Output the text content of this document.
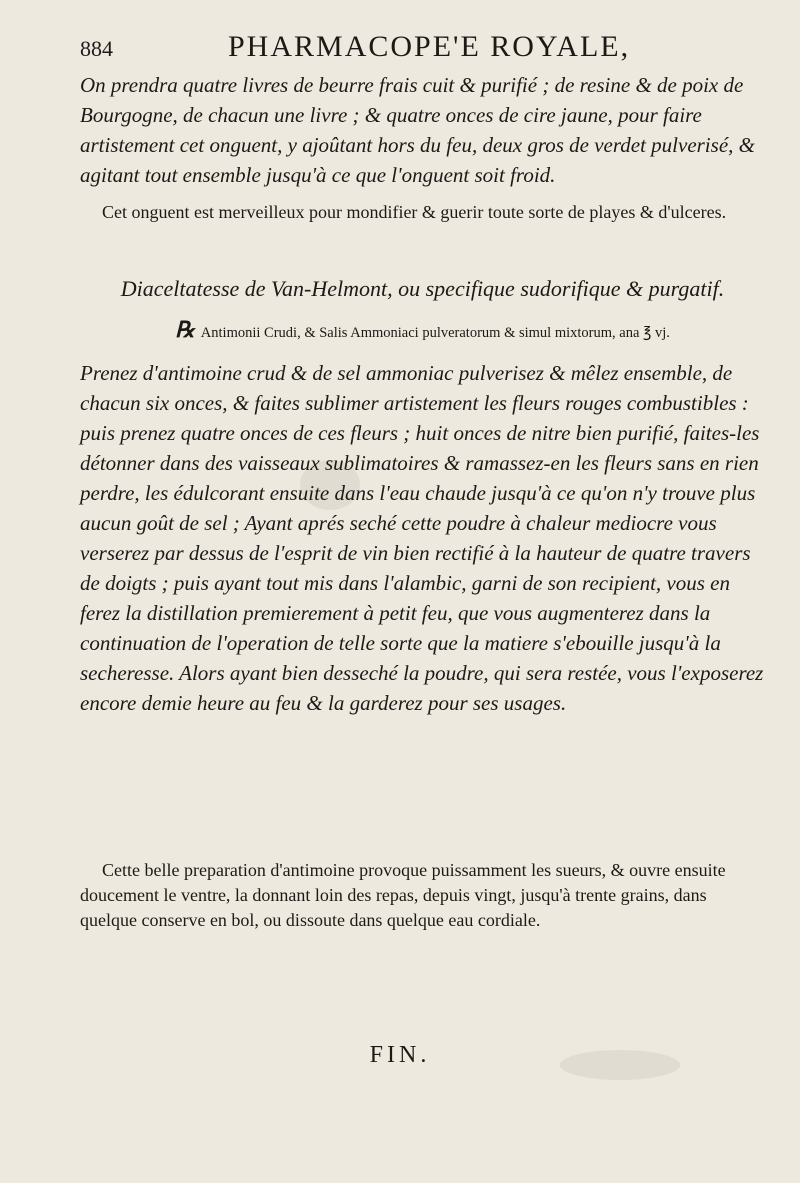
884	PHARMACOPE'E ROYALE,

On prendra quatre livres de beurre frais cuit & purifié ; de resine & de poix de Bourgogne, de chacun une livre ; & quatre onces de cire jaune, pour faire artistement cet onguent, y ajoûtant hors du feu, deux gros de verdet pulverisé, & agitant tout ensemble jusqu'à ce que l'onguent soit froid.

Cet onguent est merveilleux pour mondifier & guerir toute sorte de playes & d'ulceres.

Diaceltatesse de Van-Helmont, ou specifique sudorifique & purgatif.

℞ Antimonii Crudi, & Salis Ammoniaci pulveratorum & simul mixtorum, ana ℥ vj.

Prenez d'antimoine crud & de sel ammoniac pulverisez & mêlez ensemble, de chacun six onces, & faites sublimer artistement les fleurs rouges combustibles : puis prenez quatre onces de ces fleurs ; huit onces de nitre bien purifié, faites-les détonner dans des vaisseaux sublimatoires & ramassez-en les fleurs sans en rien perdre, les édulcorant ensuite dans l'eau chaude jusqu'à ce qu'on n'y trouve plus aucun goût de sel ; Ayant aprés seché cette poudre à chaleur mediocre vous verserez par dessus de l'esprit de vin bien rectifié à la hauteur de quatre travers de doigts ; puis ayant tout mis dans l'alambic, garni de son recipient, vous en ferez la distillation premierement à petit feu, que vous augmenterez dans la continuation de l'operation de telle sorte que la matiere s'ebouille jusqu'à la secheresse. Alors ayant bien desseché la poudre, qui sera restée, vous l'exposerez encore demie heure au feu & la garderez pour ses usages.

Cette belle preparation d'antimoine provoque puissamment les sueurs, & ouvre ensuite doucement le ventre, la donnant loin des repas, depuis vingt, jusqu'à trente grains, dans quelque conserve en bol, ou dissoute dans quelque eau cordiale.

FIN.
